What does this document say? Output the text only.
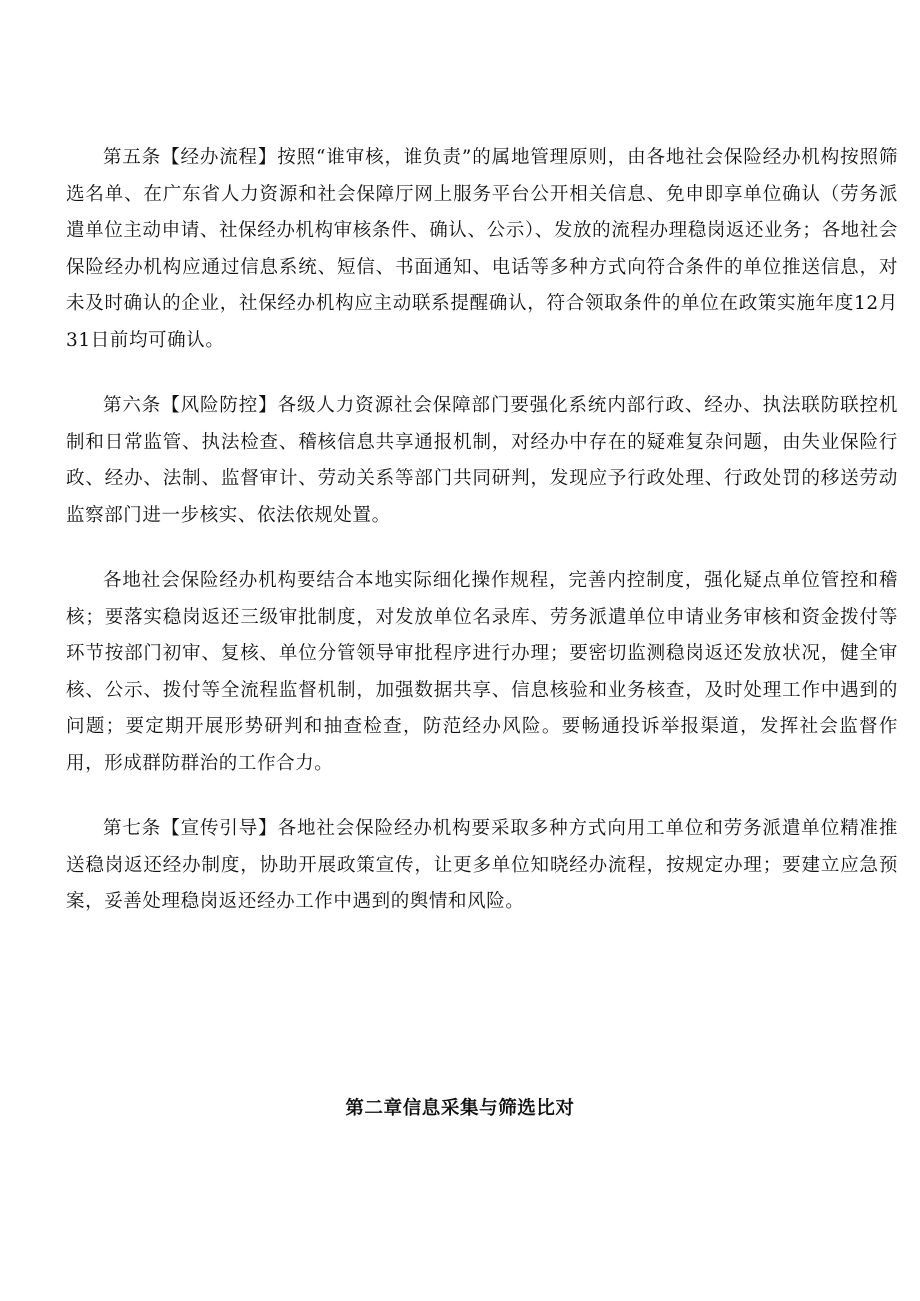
第五条【经办流程】按照“谁审核，谁负责”的属地管理原则，由各地社会保险经办机构按照筛选名单、在广东省人力资源和社会保障厅网上服务平台公开相关信息、免申即享单位确认（劳务派遣单位主动申请、社保经办机构审核条件、确认、公示）、发放的流程办理稳岗返还业务；各地社会保险经办机构应通过信息系统、短信、书面通知、电话等多种方式向符合条件的单位推送信息，对未及时确认的企业，社保经办机构应主动联系提醒确认，符合领取条件的单位在政策实施年度12月31日前均可确认。

第六条【风险防控】各级人力资源社会保障部门要强化系统内部行政、经办、执法联防联控机制和日常监管、执法检查、稽核信息共享通报机制，对经办中存在的疑难复杂问题，由失业保险行政、经办、法制、监督审计、劳动关系等部门共同研判，发现应予行政处理、行政处罚的移送劳动监察部门进一步核实、依法依规处置。

各地社会保险经办机构要结合本地实际细化操作规程，完善内控制度，强化疑点单位管控和稽核；要落实稳岗返还三级审批制度，对发放单位名录库、劳务派遣单位申请业务审核和资金拨付等环节按部门初审、复核、单位分管领导审批程序进行办理；要密切监测稳岗返还发放状况，健全审核、公示、拨付等全流程监督机制，加强数据共享、信息核验和业务核查，及时处理工作中遇到的问题；要定期开展形势研判和抽查检查，防范经办风险。要畅通投诉举报渠道，发挥社会监督作用，形成群防群治的工作合力。

第七条【宣传引导】各地社会保险经办机构要采取多种方式向用工单位和劳务派遣单位精准推送稳岗返还经办制度，协助开展政策宣传，让更多单位知晓经办流程，按规定办理；要建立应急预案，妥善处理稳岗返还经办工作中遇到的舆情和风险。

第二章信息采集与筛选比对
